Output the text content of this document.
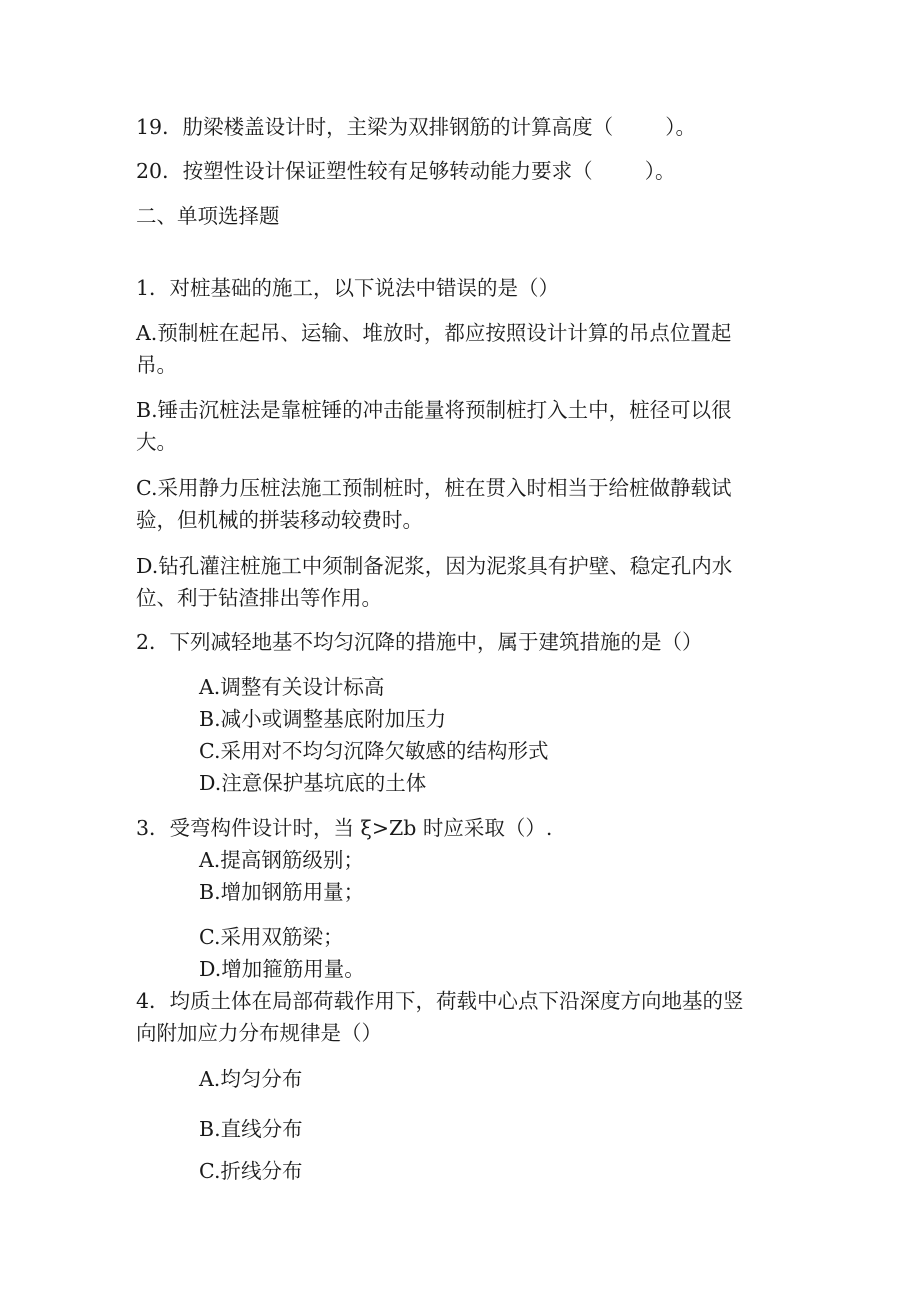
19．肋梁楼盖设计时，主梁为双排钢筋的计算高度（        ）。
20．按塑性设计保证塑性较有足够转动能力要求（        ）。
二、单项选择题
1．对桩基础的施工，以下说法中错误的是（）
A.预制桩在起吊、运输、堆放时，都应按照设计计算的吊点位置起
吊。
B.锤击沉桩法是靠桩锤的冲击能量将预制桩打入土中，桩径可以很
大。
C.采用静力压桩法施工预制桩时，桩在贯入时相当于给桩做静载试
验，但机械的拼装移动较费时。
D.钻孔灌注桩施工中须制备泥浆，因为泥浆具有护壁、稳定孔内水
位、利于钻渣排出等作用。
2．下列减轻地基不均匀沉降的措施中，属于建筑措施的是（）
A.调整有关设计标高
B.减小或调整基底附加压力
C.采用对不均匀沉降欠敏感的结构形式
D.注意保护基坑底的土体
3．受弯构件设计时，当 ξ>Zb 时应采取（）.
A.提高钢筋级别；
B.增加钢筋用量；
C.采用双筋梁；
D.增加箍筋用量。
4．均质土体在局部荷载作用下，荷载中心点下沿深度方向地基的竖
向附加应力分布规律是（）
A.均匀分布
B.直线分布
C.折线分布
